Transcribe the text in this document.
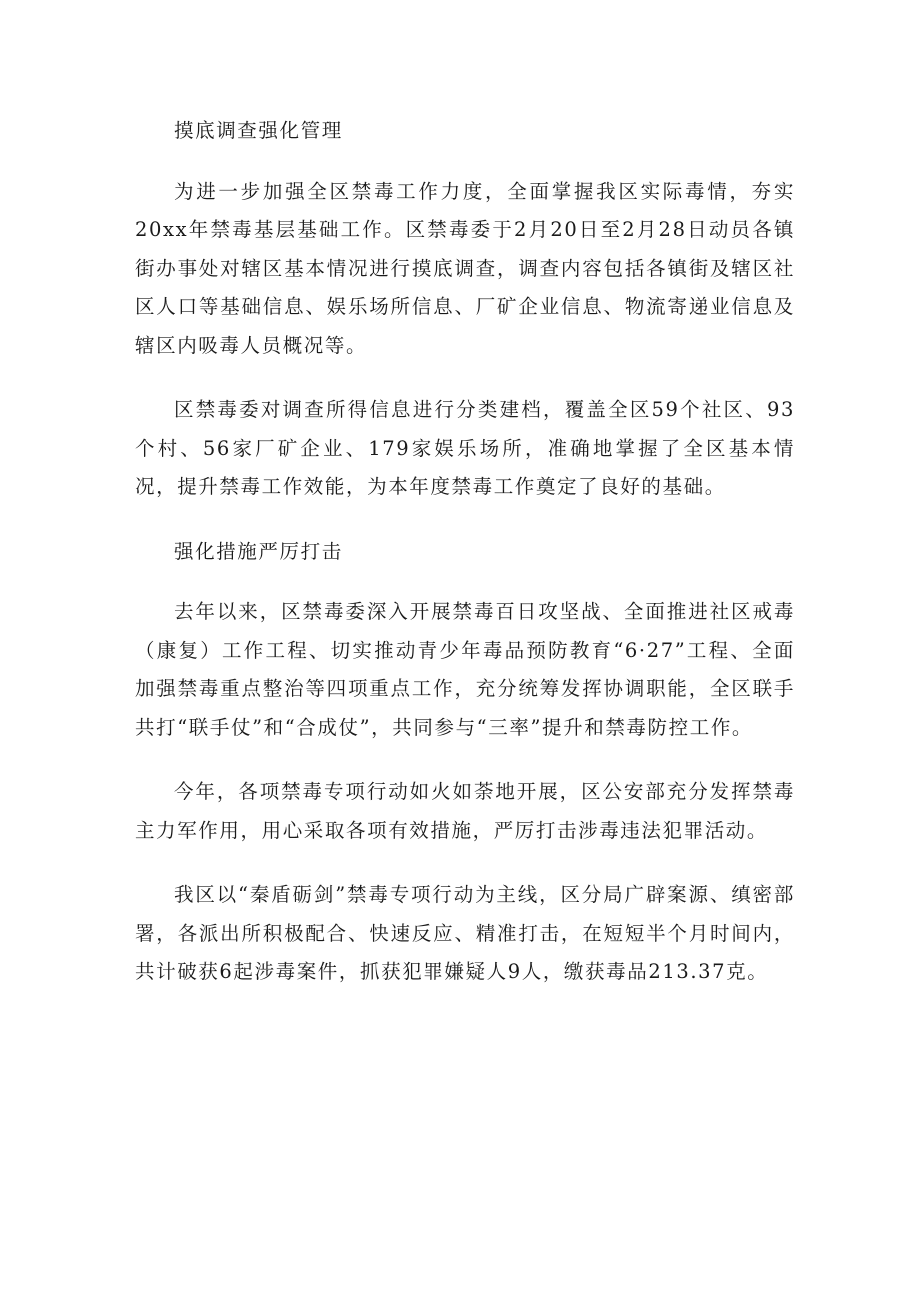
摸底调查强化管理

为进一步加强全区禁毒工作力度，全面掌握我区实际毒情，夯实20xx年禁毒基层基础工作。区禁毒委于2月20日至2月28日动员各镇街办事处对辖区基本情况进行摸底调查，调查内容包括各镇街及辖区社区人口等基础信息、娱乐场所信息、厂矿企业信息、物流寄递业信息及辖区内吸毒人员概况等。

区禁毒委对调查所得信息进行分类建档，覆盖全区59个社区、93个村、56家厂矿企业、179家娱乐场所，准确地掌握了全区基本情况，提升禁毒工作效能，为本年度禁毒工作奠定了良好的基础。

强化措施严厉打击

去年以来，区禁毒委深入开展禁毒百日攻坚战、全面推进社区戒毒（康复）工作工程、切实推动青少年毒品预防教育“6·27”工程、全面加强禁毒重点整治等四项重点工作，充分统筹发挥协调职能，全区联手共打“联手仗”和“合成仗”，共同参与“三率”提升和禁毒防控工作。

今年，各项禁毒专项行动如火如荼地开展，区公安部充分发挥禁毒主力军作用，用心采取各项有效措施，严厉打击涉毒违法犯罪活动。

我区以“秦盾砺剑”禁毒专项行动为主线，区分局广辟案源、缜密部署，各派出所积极配合、快速反应、精准打击，在短短半个月时间内，共计破获6起涉毒案件，抓获犯罪嫌疑人9人，缴获毒品213.37克。
